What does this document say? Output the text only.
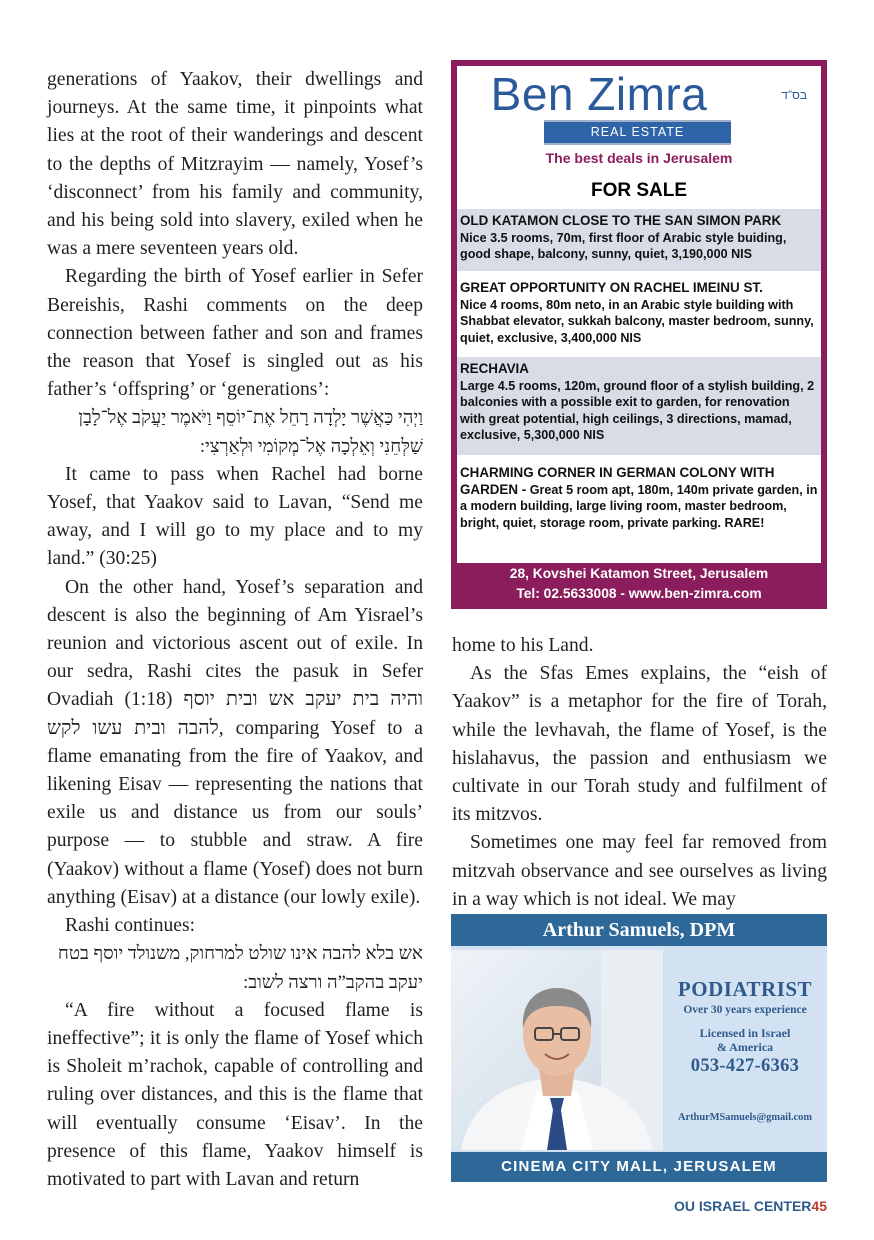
generations of Yaakov, their dwellings and journeys. At the same time, it pinpoints what lies at the root of their wanderings and descent to the depths of Mitzrayim — namely, Yosef’s ‘disconnect’ from his family and community, and his being sold into slavery, exiled when he was a mere seventeen years old.

Regarding the birth of Yosef earlier in Sefer Bereishis, Rashi comments on the deep connection between father and son and frames the reason that Yosef is singled out as his father’s ‘offspring’ or ‘generations’:

וַיְהִי כַּאֲשֶׁר יָלְדָה רָחֵל אֶת־יוֹסֵף וַיֹּאמֶר יַעֲקֹב אֶל־לָבָן שַׁלְּחֵנִי וְאֵלְכָה אֶל־מְקוֹמִי וּלְאַרְצִי:

It came to pass when Rachel had borne Yosef, that Yaakov said to Lavan, “Send me away, and I will go to my place and to my land.” (30:25)

On the other hand, Yosef’s separation and descent is also the beginning of Am Yisrael’s reunion and victorious ascent out of exile. In our sedra, Rashi cites the pasuk in Sefer Ovadiah (1:18) והיה בית יעקב אש ובית יוסף להבה ובית עשו לקש, comparing Yosef to a flame emanating from the fire of Yaakov, and likening Eisav — representing the nations that exile us and distance us from our souls’ purpose — to stubble and straw. A fire (Yaakov) without a flame (Yosef) does not burn anything (Eisav) at a distance (our lowly exile).

Rashi continues:

אש בלא להבה אינו שולט למרחוק, משנולד יוסף בטח יעקב בהקב”ה ורצה לשוב:

“A fire without a focused flame is ineffective”; it is only the flame of Yosef which is Sholeit m’rachok, capable of controlling and ruling over distances, and this is the flame that will eventually consume ‘Eisav’. In the presence of this flame, Yaakov himself is motivated to part with Lavan and return

Ben Zimra	בס”ד
REAL ESTATE
The best deals in Jerusalem
FOR SALE
OLD KATAMON CLOSE TO THE SAN SIMON PARK
Nice 3.5 rooms, 70m, first floor of Arabic style buiding, good shape, balcony, sunny, quiet, 3,190,000 NIS
GREAT OPPORTUNITY ON RACHEL IMEINU ST.
Nice 4 rooms, 80m neto, in an Arabic style building with Shabbat elevator, sukkah balcony, master bedroom, sunny, quiet, exclusive, 3,400,000 NIS
RECHAVIA
Large 4.5 rooms, 120m, ground floor of a stylish building, 2 balconies with a possible exit to garden, for renovation with great potential, high ceilings, 3 directions, mamad, exclusive, 5,300,000 NIS
CHARMING CORNER IN GERMAN COLONY WITH GARDEN - Great 5 room apt, 180m, 140m private garden, in a modern building, large living room, master bedroom, bright, quiet, storage room, private parking. RARE!
28, Kovshei Katamon Street, Jerusalem
Tel: 02.5633008 - www.ben-zimra.com

home to his Land.

As the Sfas Emes explains, the “eish of Yaakov” is a metaphor for the fire of Torah, while the levhavah, the flame of Yosef, is the hislahavus, the passion and enthusiasm we cultivate in our Torah study and fulfilment of its mitzvos.

Sometimes one may feel far removed from mitzvah observance and see ourselves as living in a way which is not ideal. We may

Arthur Samuels, DPM
PODIATRIST
Over 30 years experience
Licensed in Israel
& America
053-427-6363
ArthurMSamuels@gmail.com
CINEMA CITY MALL, JERUSALEM
OU ISRAEL CENTER45
